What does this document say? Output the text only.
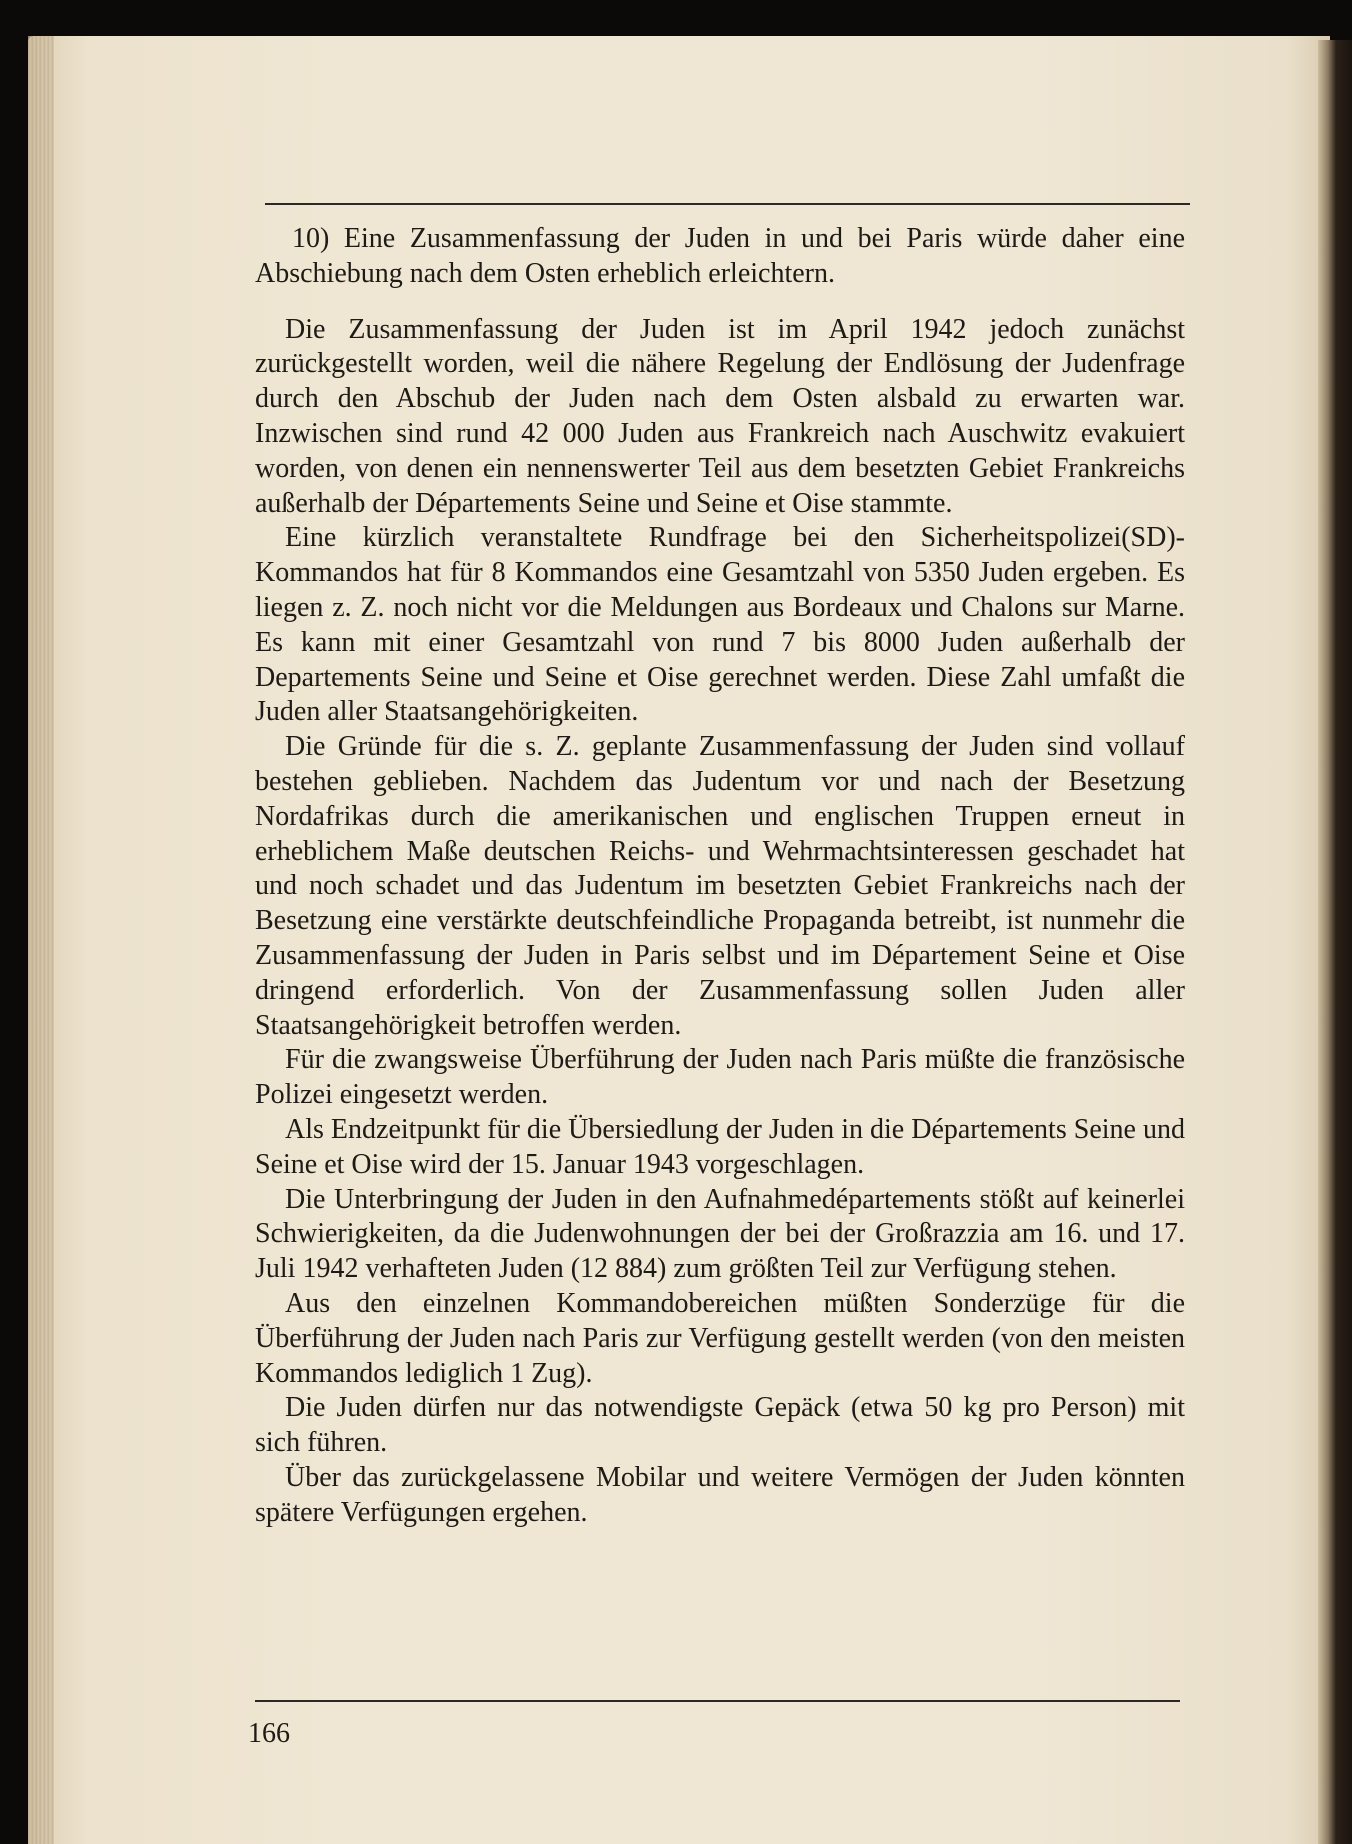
10) Eine Zusammenfassung der Juden in und bei Paris würde daher eine Abschiebung nach dem Osten erheblich erleichtern.

Die Zusammenfassung der Juden ist im April 1942 jedoch zunächst zurückgestellt worden, weil die nähere Regelung der Endlösung der Judenfrage durch den Abschub der Juden nach dem Osten alsbald zu erwarten war. Inzwischen sind rund 42 000 Juden aus Frankreich nach Auschwitz evakuiert worden, von denen ein nennenswerter Teil aus dem besetzten Gebiet Frankreichs außerhalb der Départements Seine und Seine et Oise stammte.

Eine kürzlich veranstaltete Rundfrage bei den Sicherheitspolizei(SD)-Kommandos hat für 8 Kommandos eine Gesamtzahl von 5350 Juden ergeben. Es liegen z. Z. noch nicht vor die Meldungen aus Bordeaux und Chalons sur Marne. Es kann mit einer Gesamtzahl von rund 7 bis 8000 Juden außerhalb der Departements Seine und Seine et Oise gerechnet werden. Diese Zahl umfaßt die Juden aller Staatsangehörigkeiten.

Die Gründe für die s. Z. geplante Zusammenfassung der Juden sind vollauf bestehen geblieben. Nachdem das Judentum vor und nach der Besetzung Nordafrikas durch die amerikanischen und englischen Truppen erneut in erheblichem Maße deutschen Reichs- und Wehrmachtsinteressen geschadet hat und noch schadet und das Judentum im besetzten Gebiet Frankreichs nach der Besetzung eine verstärkte deutschfeindliche Propaganda betreibt, ist nunmehr die Zusammenfassung der Juden in Paris selbst und im Département Seine et Oise dringend erforderlich. Von der Zusammenfassung sollen Juden aller Staatsangehörigkeit betroffen werden.

Für die zwangsweise Überführung der Juden nach Paris müßte die französische Polizei eingesetzt werden.

Als Endzeitpunkt für die Übersiedlung der Juden in die Départements Seine und Seine et Oise wird der 15. Januar 1943 vorgeschlagen.

Die Unterbringung der Juden in den Aufnahmedépartements stößt auf keinerlei Schwierigkeiten, da die Judenwohnungen der bei der Großrazzia am 16. und 17. Juli 1942 verhafteten Juden (12 884) zum größten Teil zur Verfügung stehen.

Aus den einzelnen Kommandobereichen müßten Sonderzüge für die Überführung der Juden nach Paris zur Verfügung gestellt werden (von den meisten Kommandos lediglich 1 Zug).

Die Juden dürfen nur das notwendigste Gepäck (etwa 50 kg pro Person) mit sich führen.

Über das zurückgelassene Mobilar und weitere Vermögen der Juden könnten spätere Verfügungen ergehen.

166
